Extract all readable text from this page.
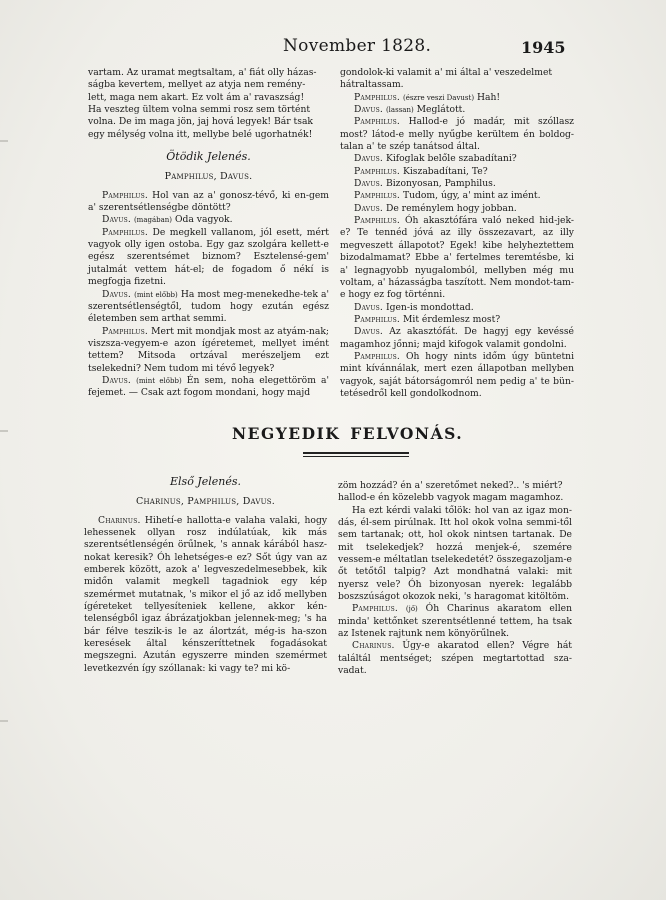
November 1828.	1945
vartam. Az uramat megtsaltam, a' fiát olly házas-
ságba kevertem, mellyet az atyja nem remény-
lett, maga nem akart. Ez volt ám a' ravaszság!
Ha veszteg ültem volna semmi rosz sem történt
volna. De im maga jön, jaj hová legyek! Bár tsak
egy mélység volna itt, mellybe belé ugorhatnék!
Ötödik Jelenés.
Pamphilus, Davus.

Pamphilus. Hol van az a' gonosz-tévő, ki en-gem a' szerentsétlenségbe döntött?

Davus. (magában) Oda vagyok.

Pamphilus. De megkell vallanom, jól esett, mért vagyok olly igen ostoba. Egy gaz szolgára kellett-e egész szerentsémet biznom? Esztelensé-gem' jutalmát vettem hát-el; de fogadom ő nékí is megfogja fizetni.

Davus. (mint előbb) Ha most meg-menekedhe-tek a' szerentsétlenségtől, tudom hogy ezután egész életemben sem arthat semmi.

Pamphilus. Mert mit mondjak most az atyám-nak; viszsza-vegyem-e azon ígéretemet, mellyet imént tettem? Mitsoda ortzával merészeljem ezt tselekedni? Nem tudom mi tévő legyek?

Davus. (mint előbb) Én sem, noha elegettöröm a' fejemet. — Csak azt fogom mondani, hogy majd

gondolok-ki valamit a' mi által a' veszedelmet
hátraltassam.

Pamphilus. (észre veszi Davust) Hah!

Davus. (lassan) Meglátott.

Pamphilus. Hallod-e jó madár, mit szóllasz most? látod-e melly nyűgbe kerültem én boldog-talan a' te szép tanátsod által.

Davus. Kifoglak belőle szabadítani?

Pamphilus. Kiszabadítani, Te?

Davus. Bizonyosan, Pamphilus.

Pamphilus. Tudom, úgy, a' mint az imént.

Davus. De reménylem hogy jobban.

Pamphilus. Óh akasztófára való neked hid-jek-e? Te tennéd jóvá az illy összezavart, az illy megveszett állapotot? Egek! kibe helyheztettem bizodalmamat? Ebbe a' fertelmes teremtésbe, ki a' legnagyobb nyugalomból, mellyben még mu voltam, a' házasságba taszított. Nem mondot-tam-e hogy ez fog történni.

Davus. Igen-is mondottad.

Pamphilus. Mit érdemlesz most?

Davus. Az akasztófát. De hagyj egy kevéssé magamhoz jőnni; majd kifogok valamit gondolni.

Pamphilus. Oh hogy nints időm úgy büntetni mint kívánnálak, mert ezen állapotban mellyben vagyok, saját bátorságomról nem pedig a' te bün-tetésedről kell gondolkodnom.

NEGYEDIK FELVONÁS.
Első Jelenés.
Charinus, Pamphilus, Davus.

Charinus. Hihetí-e hallotta-e valaha valaki, hogy lehessenek ollyan rosz indúlatúak, kik más szerentsétlenségén örűlnek, 's annak kárából hasz-nokat keresik? Óh lehetséges-e ez? Sőt úgy van az emberek között, azok a' legveszedelmesebbek, kik midőn valamit megkell tagadniok egy kép szemérmet mutatnak, 's mikor el jő az idő mellyben ígéreteket tellyesíteniek kellene, akkor kén-telenségből igaz ábrázatjokban jelennek-meg; 's ha bár félve teszik-is le az álortzát, még-is ha-szon keresések által kénszeríttetnek fogadásokat megszegni. Azután egyszerre minden szemérmet levetkezvén így szóllanak: ki vagy te? mi kö-

zöm hozzád? én a' szeretőmet neked?.. 's miért?
hallod-e én közelebb vagyok magam magamhoz.

Ha ezt kérdi valaki tőlök: hol van az igaz mon-dás, él-sem pirúlnak. Itt hol okok volna semmi-től sem tartanak; ott, hol okok nintsen tartanak. De mit tselekedjek? hozzá menjek-é, szemére vessem-e méltatlan tselekedetét? összegazoljam-e őt tetőtől talpig? Azt mondhatná valaki: mit nyersz vele? Óh bizonyosan nyerek: legalább boszszúságot okozok neki, 's haragomat kitöltöm.

Pamphilus. (jő) Óh Charinus akaratom ellen minda' kettőnket szerentsétlenné tettem, ha tsak az Istenek rajtunk nem könyörűlnek.

Charinus. Úgy-e akaratod ellen? Végre hát találtál mentséget; szépen megtartottad sza-vadat.
